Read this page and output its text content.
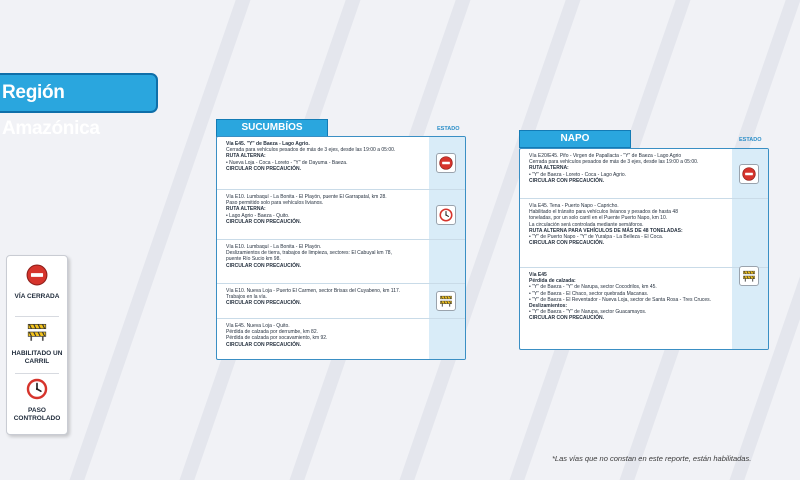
Región Amazónica
VÍA CERRADA
HABILITADO UN CARRIL
PASO CONTROLADO
SUCUMBÍOS	ESTADO
Vía E45. "Y" de Baeza - Lago Agrio.
Cerrada para vehículos pesados de más de 3 ejes, desde las 19:00 a 05:00.
RUTA ALTERNA:
• Nueva Loja - Coca - Loreto - "Y" de Dayuma - Baeza.
CIRCULAR CON PRECAUCIÓN.
Vía E10. Lumbaquí - La Bonita - El Playón, puente El Garrapatal, km 28.
Paso permitido solo para vehículos livianos.
RUTA ALTERNA:
• Lago Agrio - Baeza - Quito.
CIRCULAR CON PRECAUCIÓN.
Vía E10. Lumbaquí - La Bonita - El Playón.
Deslizamientos de tierra, trabajos de limpieza, sectores: El Cabuyal km 78,
puente Río Sucio km 98.
CIRCULAR CON PRECAUCIÓN.
Vía E10. Nueva Loja - Puerto El Carmen, sector Brisas del Cuyabeno, km 117.
Trabajos en la vía.
CIRCULAR CON PRECAUCIÓN.
Vía E45. Nueva Loja - Quito.
Pérdida de calzada por derrumbe, km 82.
Pérdida de calzada por socavamiento, km 92.
CIRCULAR CON PRECAUCIÓN.
NAPO	ESTADO
Vía E20/E45. Pifo - Virgen de Papallacta - "Y" de Baeza - Lago Agrio
Cerrada para vehículos pesados de más de 3 ejes, desde las 19:00 a 05:00.
RUTA ALTERNA:
• "Y" de Baeza - Loreto - Coca - Lago Agrio.
CIRCULAR CON PRECAUCIÓN.
Vía E45. Tena - Puerto Napo - Capricho.
Habilitado el tránsito para vehículos livianos y pesados de hasta 48
toneladas, por un solo carril en el Puente Puerto Napo, km 10.
La circulación será controlada mediante semáforos.
RUTA ALTERNA PARA VEHÍCULOS DE MÁS DE 48 TONELADAS:
• "Y" de Puerto Napo - "Y" de Yuralpa - La Belleza - El Coca.
CIRCULAR CON PRECAUCIÓN.
Vía E45
Pérdida de calzada:
• "Y" de Baeza - "Y" de Narupa, sector Cocodrilos, km 45.
• "Y" de Baeza - El Chaco, sector quebrada Macanas.
• "Y" de Baeza - El Reventador - Nueva Loja, sector de Santa Rosa - Tres Cruces.
Deslizamientos:
• "Y" de Baeza - "Y" de Narupa, sector Guacamayos.
CIRCULAR CON PRECAUCIÓN.
*Las vías que no constan en este reporte, están habilitadas.
